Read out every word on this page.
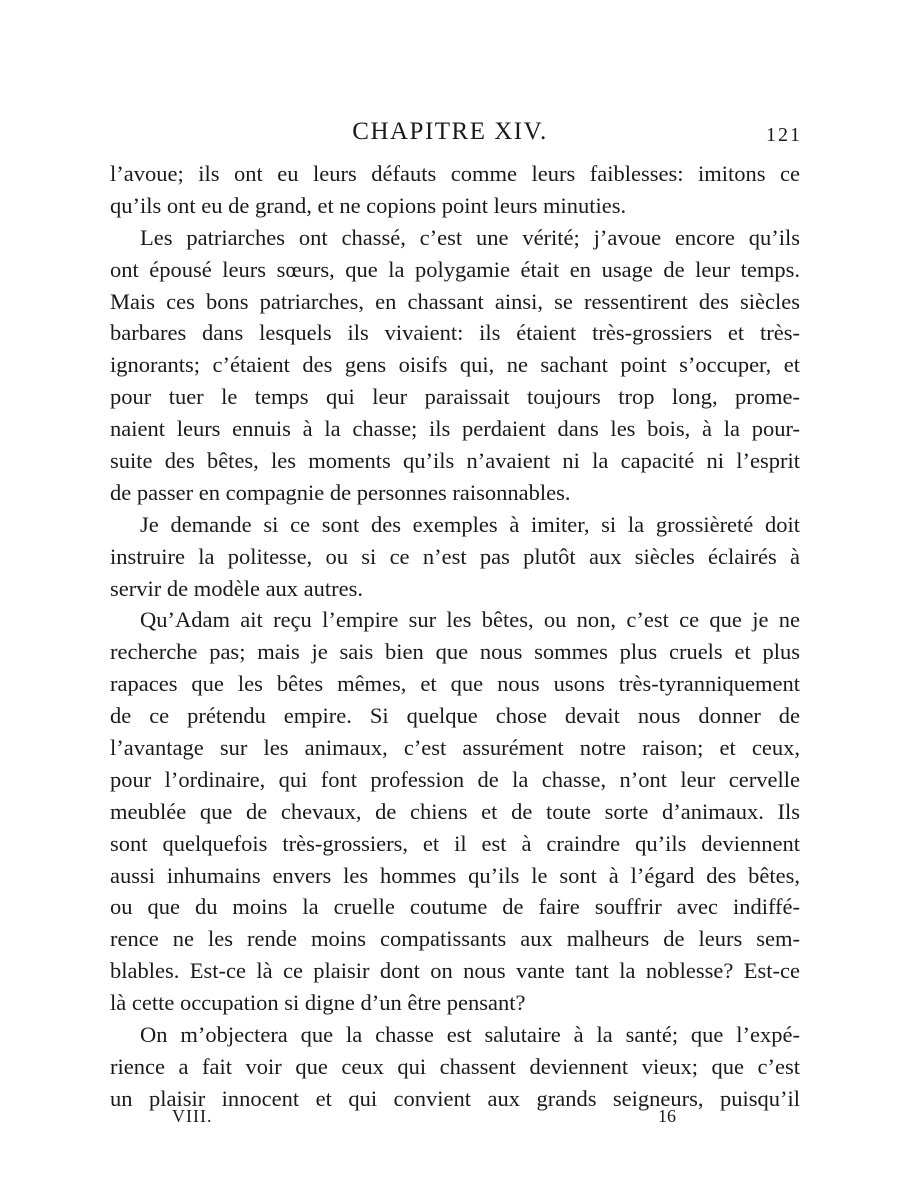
CHAPITRE XIV.	121
l’avoue; ils ont eu leurs défauts comme leurs faiblesses: imitons ce
qu’ils ont eu de grand, et ne copions point leurs minuties.
Les patriarches ont chassé, c’est une vérité; j’avoue encore qu’ils
ont épousé leurs sœurs, que la polygamie était en usage de leur temps.
Mais ces bons patriarches, en chassant ainsi, se ressentirent des siècles
barbares dans lesquels ils vivaient: ils étaient très-grossiers et très-
ignorants; c’étaient des gens oisifs qui, ne sachant point s’occuper, et
pour tuer le temps qui leur paraissait toujours trop long, prome-
naient leurs ennuis à la chasse; ils perdaient dans les bois, à la pour-
suite des bêtes, les moments qu’ils n’avaient ni la capacité ni l’esprit
de passer en compagnie de personnes raisonnables.
Je demande si ce sont des exemples à imiter, si la grossièreté doit
instruire la politesse, ou si ce n’est pas plutôt aux siècles éclairés à
servir de modèle aux autres.
Qu’Adam ait reçu l’empire sur les bêtes, ou non, c’est ce que je ne
recherche pas; mais je sais bien que nous sommes plus cruels et plus
rapaces que les bêtes mêmes, et que nous usons très-tyranniquement
de ce prétendu empire. Si quelque chose devait nous donner de
l’avantage sur les animaux, c’est assurément notre raison; et ceux,
pour l’ordinaire, qui font profession de la chasse, n’ont leur cervelle
meublée que de chevaux, de chiens et de toute sorte d’animaux. Ils
sont quelquefois très-grossiers, et il est à craindre qu’ils deviennent
aussi inhumains envers les hommes qu’ils le sont à l’égard des bêtes,
ou que du moins la cruelle coutume de faire souffrir avec indiffé-
rence ne les rende moins compatissants aux malheurs de leurs sem-
blables. Est-ce là ce plaisir dont on nous vante tant la noblesse? Est-ce
là cette occupation si digne d’un être pensant?
On m’objectera que la chasse est salutaire à la santé; que l’expé-
rience a fait voir que ceux qui chassent deviennent vieux; que c’est
un plaisir innocent et qui convient aux grands seigneurs, puisqu’il
VIII.	16
